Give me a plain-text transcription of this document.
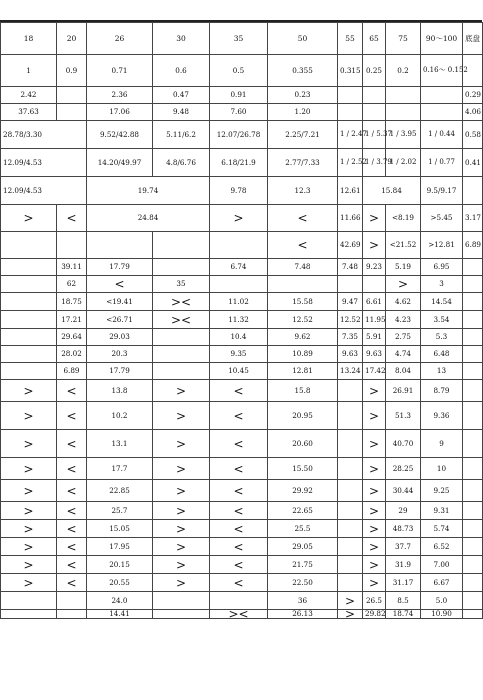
18	20	26	30	35	50	55	65	75	90～100	底盘
1	0.9	0.71	0.6	0.5	0.355	0.315	0.25	0.2	0.16～ 0.152	
2.42		2.36	0.47	0.91	0.23					0.29
37.63		17.06	9.48	7.60	1.20					4.06
28.78/3.30		9.52/42.88	5.11/6.2	12.07/26.78	2.25/7.21	1 / 2.47	1 / 5.37	1 / 3.95	1 / 0.44	0.58
12.09/4.53		14.20/49.97	4.8/6.76	6.18/21.9	2.77/7.33	1 / 2.52	1 / 3.79	1 / 2.02	1 / 0.77	0.41
12.09/4.53		19.74		9.78	12.3	12.61	15.84		9.5/9.17	
>	<	24.84		>	<	11.66	>	<8.19	>5.45	3.17
					<	42.69	>	<21.52	>12.81	6.89
	39.11	17.79		6.74	7.48	7.48	9.23	5.19	6.95	
	62	<	35					>	3	
	18.75	<19.41	><	11.02	15.58	9.47	6.61	4.62	14.54	
	17.21	<26.71	><	11.32	12.52	12.52	11.95	4.23	3.54	
	29.64	29.03		10.4	9.62	7.35	5.91	2.75	5.3	
	28.02	20.3		9.35	10.89	9.63	9.63	4.74	6.48	
	6.89	17.79		10.45	12.81	13.24	17.42	8.04	13	
>	<	13.8	>	<	15.8		>	26.91	8.79	
>	<	10.2	>	<	20.95		>	51.3	9.36	
>	<	13.1	>	<	20.60		>	40.70	9	
>	<	17.7	>	<	15.50		>	28.25	10	
>	<	22.85	>	<	29.92		>	30.44	9.25	
>	<	25.7	>	<	22.65		>	29	9.31	
>	<	15.05	>	<	25.5		>	48.73	5.74	
>	<	17.95	>	<	29.05		>	37.7	6.52	
>	<	20.15	>	<	21.75		>	31.9	7.00	
>	<	20.55	>	<	22.50		>	31.17	6.67	
		24.0			36	>	26.5	8.5	5.0	
		14.41		><	26.13	>	29.82	18.74	10.90	
